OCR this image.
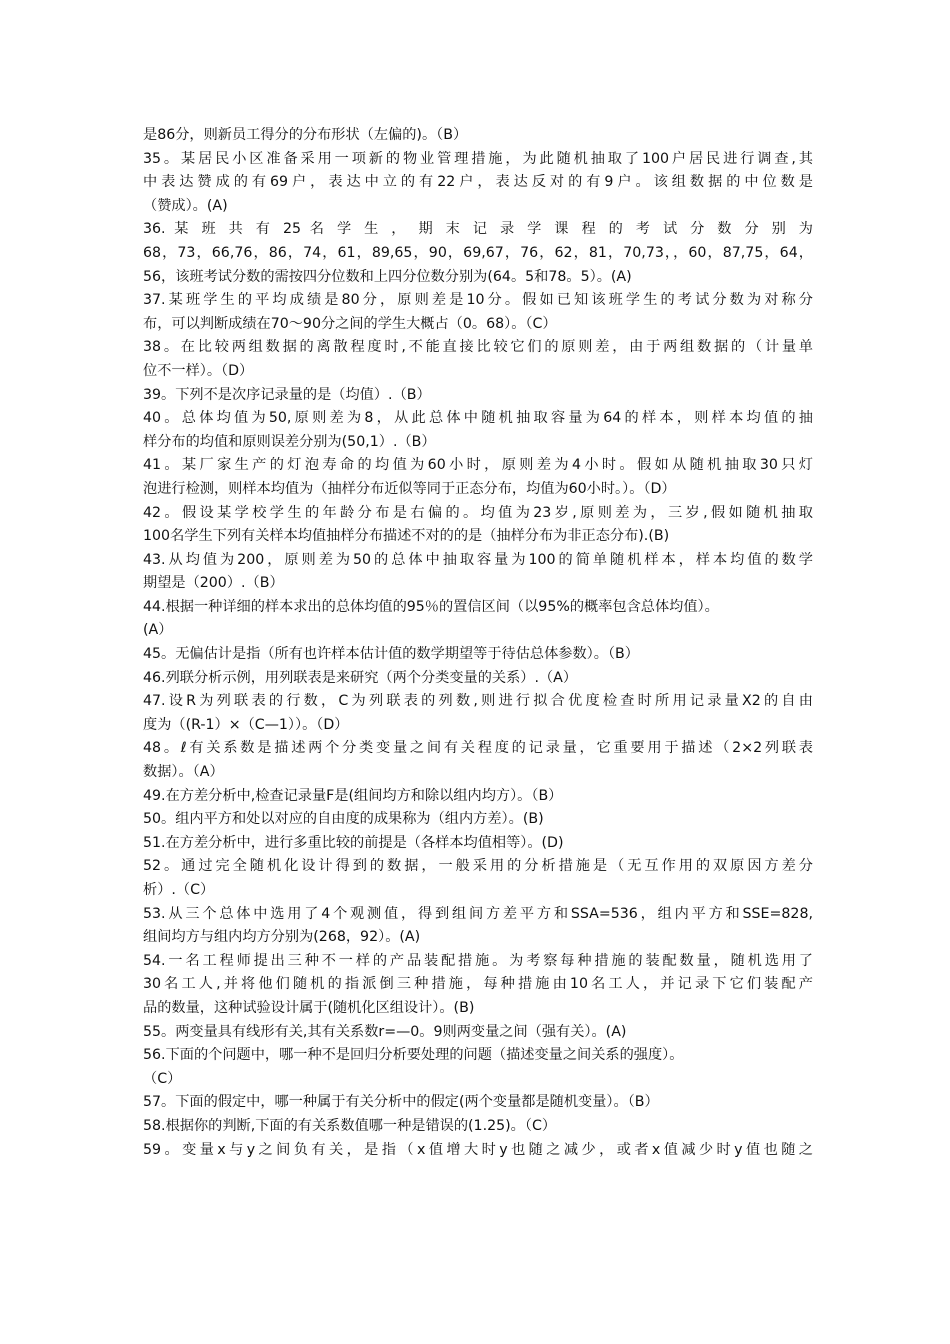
是86分，则新员工得分的分布形状（左偏的)。（B）
35。某居民小区准备采用一项新的物业管理措施，为此随机抽取了100户居民进行调查,其
中表达赞成的有69户，表达中立的有22户，表达反对的有9户。该组数据的中位数是
（赞成）。(A)
36. 某 班 共 有 25 名 学 生 ， 期 末 记 录 学 课 程 的 考 试 分 数 分 别 为
68，73，66,76，86，74，61，89,65，90，69,67，76，62，81，70,73，，60，87,75，64，
56，该班考试分数的需按四分位数和上四分位数分别为(64。5和78。5）。(A)
37.某班学生的平均成绩是80分，原则差是10分。假如已知该班学生的考试分数为对称分
布，可以判断成绩在70～90分之间的学生大概占（0。68）。（C）
38。在比较两组数据的离散程度时,不能直接比较它们的原则差，由于两组数据的（计量单
位不一样）。（D）
39。下列不是次序记录量的是（均值）.（B）
40。总体均值为50,原则差为8，从此总体中随机抽取容量为64的样本，则样本均值的抽
样分布的均值和原则误差分别为(50,1）.（B）
41。某厂家生产的灯泡寿命的均值为60小时，原则差为4小时。假如从随机抽取30只灯
泡进行检测，则样本均值为（抽样分布近似等同于正态分布，均值为60小时。）。（D）
42。假设某学校学生的年龄分布是右偏的。均值为23岁,原则差为，三岁,假如随机抽取
100名学生下列有关样本均值抽样分布描述不对的的是（抽样分布为非正态分布).(B)
43.从均值为200，原则差为50的总体中抽取容量为100的简单随机样本，样本均值的数学
期望是（200）.（B）
44.根据一种详细的样本求出的总体均值的95％的置信区间（以95%的概率包含总体均值）。
(A）
45。无偏估计是指（所有也许样本估计值的数学期望等于待估总体参数）。（B）
46.列联分析示例，用列联表是来研究（两个分类变量的关系）.（A）
47.设R为列联表的行数，C为列联表的列数,则进行拟合优度检查时所用记录量X2的自由
度为（(R-1）×（C—1））。（D）
48。ℓ有关系数是描述两个分类变量之间有关程度的记录量，它重要用于描述（2×2列联表
数据）。（A）
49.在方差分析中,检查记录量F是(组间均方和除以组内均方）。（B）
50。组内平方和处以对应的自由度的成果称为（组内方差）。(B)
51.在方差分析中，进行多重比较的前提是（各样本均值相等）。(D)
52。通过完全随机化设计得到的数据，一般采用的分析措施是（无互作用的双原因方差分
析）.（C）
53.从三个总体中选用了4个观测值，得到组间方差平方和SSA=536，组内平方和SSE=828,
组间均方与组内均方分别为(268，92）。(A)
54.一名工程师提出三种不一样的产品装配措施。为考察每种措施的装配数量，随机选用了
30名工人,并将他们随机的指派倒三种措施，每种措施由10名工人，并记录下它们装配产
品的数量，这种试验设计属于(随机化区组设计）。(B)
55。两变量具有线形有关,其有关系数r=—0。9则两变量之间（强有关）。(A)
56.下面的个问题中，哪一种不是回归分析要处理的问题（描述变量之间关系的强度）。
（C）
57。下面的假定中，哪一种属于有关分析中的假定(两个变量都是随机变量）。（B）
58.根据你的判断,下面的有关系数值哪一种是错误的(1.25)。（C）
59。变量x与y之间负有关，是指（x值增大时y也随之减少，或者x值减少时y值也随之
